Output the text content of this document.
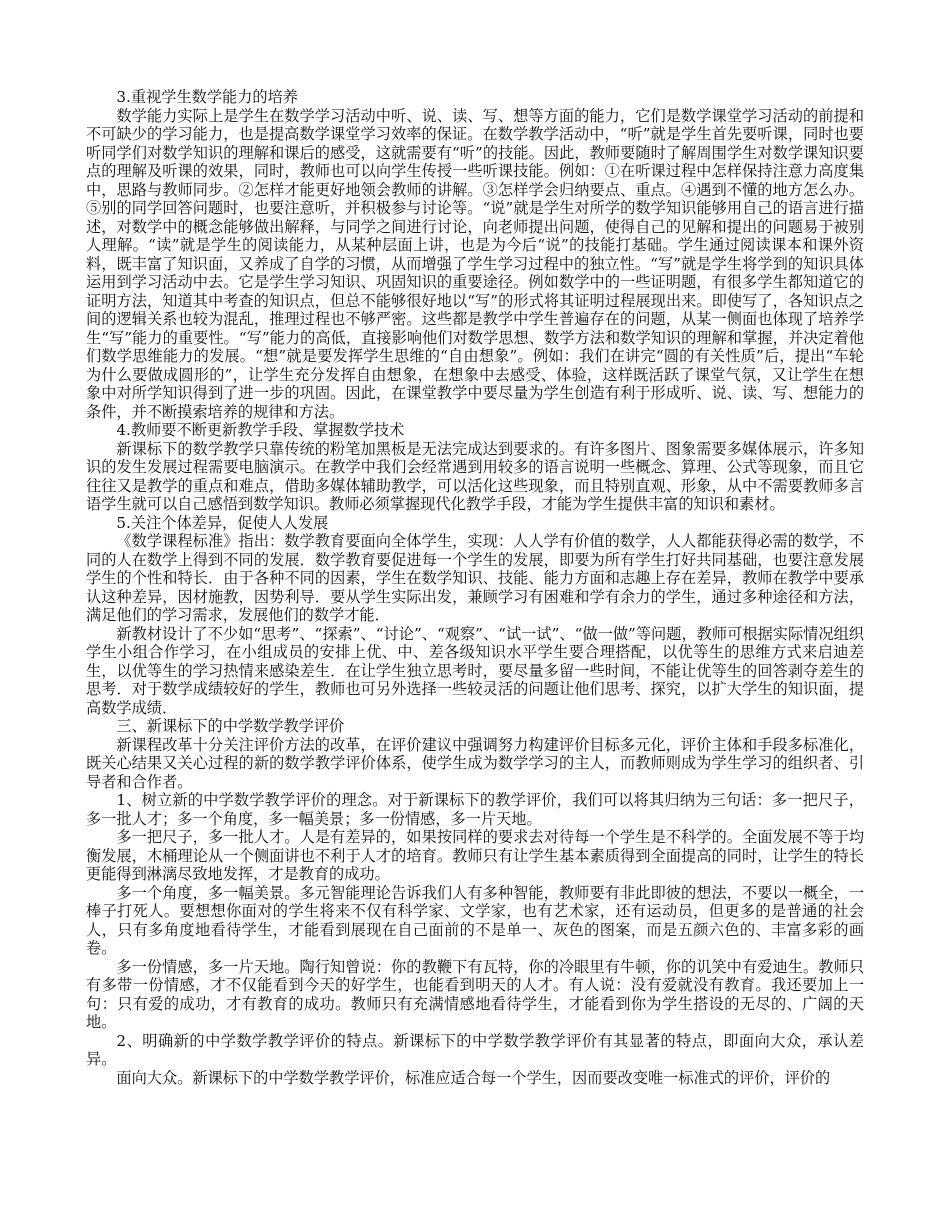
3.重视学生数学能力的培养

数学能力实际上是学生在数学学习活动中听、说、读、写、想等方面的能力，它们是数学课堂学习活动的前提和不可缺少的学习能力，也是提高数学课堂学习效率的保证。在数学教学活动中，“听”就是学生首先要听课，同时也要听同学们对数学知识的理解和课后的感受，这就需要有“听”的技能。因此，教师要随时了解周围学生对数学课知识要点的理解及听课的效果，同时，教师也可以向学生传授一些听课技能。例如：①在听课过程中怎样保持注意力高度集中，思路与教师同步。②怎样才能更好地领会教师的讲解。③怎样学会归纳要点、重点。④遇到不懂的地方怎么办。⑤别的同学回答问题时，也要注意听，并积极参与讨论等。“说”就是学生对所学的数学知识能够用自己的语言进行描述，对数学中的概念能够做出解释，与同学之间进行讨论，向老师提出问题，使得自己的见解和提出的问题易于被别人理解。“读”就是学生的阅读能力，从某种层面上讲，也是为今后“说”的技能打基础。学生通过阅读课本和课外资料，既丰富了知识面，又养成了自学的习惯，从而增强了学生学习过程中的独立性。“写”就是学生将学到的知识具体运用到学习活动中去。它是学生学习知识、巩固知识的重要途径。例如数学中的一些证明题，有很多学生都知道它的证明方法，知道其中考查的知识点，但总不能够很好地以“写”的形式将其证明过程展现出来。即使写了，各知识点之间的逻辑关系也较为混乱，推理过程也不够严密。这些都是教学中学生普遍存在的问题，从某一侧面也体现了培养学生“写”能力的重要性。“写”能力的高低，直接影响他们对数学思想、数学方法和数学知识的理解和掌握，并决定着他们数学思维能力的发展。“想”就是要发挥学生思维的“自由想象”。例如：我们在讲完“圆的有关性质”后，提出“车轮为什么要做成圆形的”，让学生充分发挥自由想象，在想象中去感受、体验，这样既活跃了课堂气氛，又让学生在想象中对所学知识得到了进一步的巩固。因此，在课堂教学中要尽量为学生创造有利于形成听、说、读、写、想能力的条件，并不断摸索培养的规律和方法。

4.教师要不断更新教学手段、掌握数学技术

新课标下的数学教学只靠传统的粉笔加黑板是无法完成达到要求的。有许多图片、图象需要多媒体展示，许多知识的发生发展过程需要电脑演示。在教学中我们会经常遇到用较多的语言说明一些概念、算理、公式等现象，而且它往往又是教学的重点和难点，借助多媒体辅助教学，可以活化这些现象，而且特别直观、形象，从中不需要教师多言语学生就可以自己感悟到数学知识。教师必须掌握现代化教学手段，才能为学生提供丰富的知识和素材。

5.关注个体差异，促使人人发展

《数学课程标准》指出：数学教育要面向全体学生，实现：人人学有价值的数学，人人都能获得必需的数学，不同的人在数学上得到不同的发展．数学教育要促进每一个学生的发展，即要为所有学生打好共同基础，也要注意发展学生的个性和特长．由于各种不同的因素，学生在数学知识、技能、能力方面和志趣上存在差异，教师在教学中要承认这种差异，因材施教，因势利导．要从学生实际出发，兼顾学习有困难和学有余力的学生，通过多种途径和方法，满足他们的学习需求，发展他们的数学才能．

新教材设计了不少如“思考”、“探索”、“讨论”、“观察”、“试一试”、“做一做”等问题，教师可根据实际情况组织学生小组合作学习，在小组成员的安排上优、中、差各级知识水平学生要合理搭配，以优等生的思维方式来启迪差生，以优等生的学习热情来感染差生．在让学生独立思考时，要尽量多留一些时间，不能让优等生的回答剥夺差生的思考．对于数学成绩较好的学生，教师也可另外选择一些较灵活的问题让他们思考、探究，以扩大学生的知识面，提高数学成绩．

三、新课标下的中学数学教学评价

新课程改革十分关注评价方法的改革，在评价建议中强调努力构建评价目标多元化，评价主体和手段多标准化，既关心结果又关心过程的新的数学教学评价体系，使学生成为数学学习的主人，而教师则成为学生学习的组织者、引导者和合作者。

1、树立新的中学数学教学评价的理念。对于新课标下的教学评价，我们可以将其归纳为三句话：多一把尺子，多一批人才；多一个角度，多一幅美景；多一份情感，多一片天地。

多一把尺子，多一批人才。人是有差异的，如果按同样的要求去对待每一个学生是不科学的。全面发展不等于均衡发展，木桶理论从一个侧面讲也不利于人才的培育。教师只有让学生基本素质得到全面提高的同时，让学生的特长更能得到淋漓尽致地发挥，才是教育的成功。

多一个角度，多一幅美景。多元智能理论告诉我们人有多种智能，教师要有非此即彼的想法，不要以一概全，一棒子打死人。要想想你面对的学生将来不仅有科学家、文学家，也有艺术家，还有运动员，但更多的是普通的社会人，只有多角度地看待学生，才能看到展现在自己面前的不是单一、灰色的图案，而是五颜六色的、丰富多彩的画卷。

多一份情感，多一片天地。陶行知曾说：你的教鞭下有瓦特，你的冷眼里有牛顿，你的讥笑中有爱迪生。教师只有多带一份情感，才不仅能看到今天的好学生，也能看到明天的人才。有人说：没有爱就没有教育。我还要加上一句：只有爱的成功，才有教育的成功。教师只有充满情感地看待学生，才能看到你为学生搭设的无尽的、广阔的天地。

2、明确新的中学数学教学评价的特点。新课标下的中学数学教学评价有其显著的特点，即面向大众，承认差异。

面向大众。新课标下的中学数学教学评价，标准应适合每一个学生，因而要改变唯一标准式的评价，评价的
